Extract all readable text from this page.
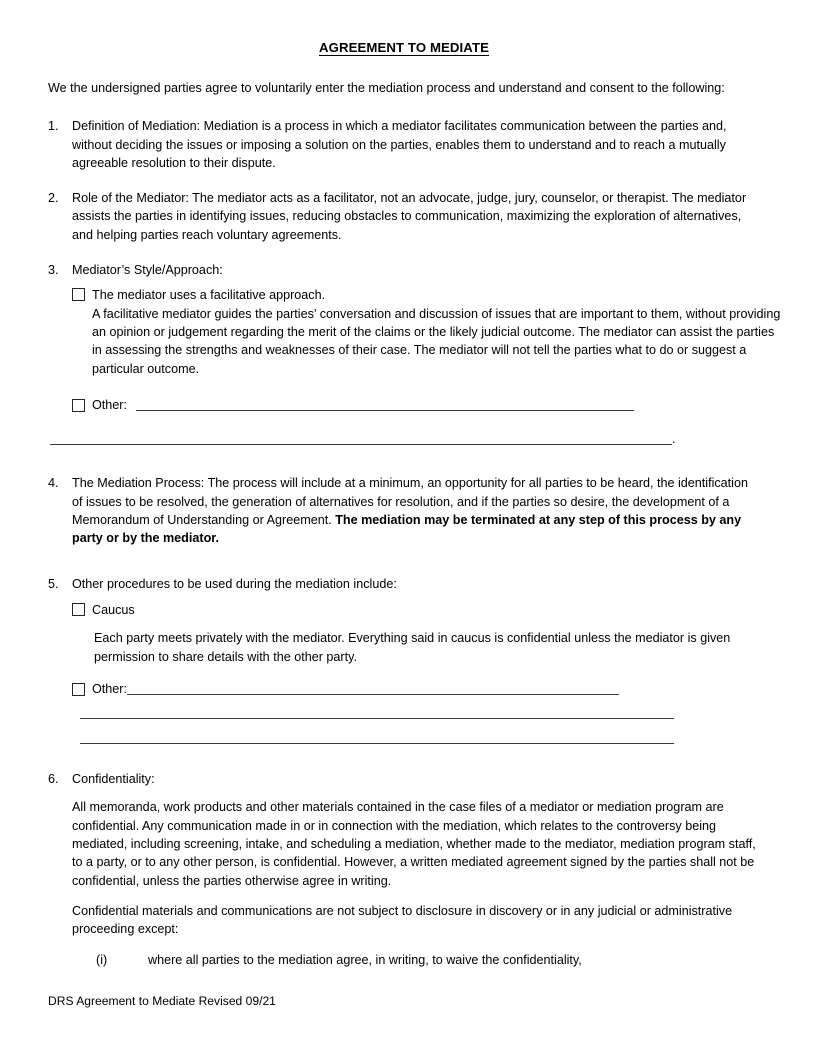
AGREEMENT TO MEDIATE

We the undersigned parties agree to voluntarily enter the mediation process and understand and consent to the following:

1.	Definition of Mediation: Mediation is a process in which a mediator facilitates communication between the parties and, without deciding the issues or imposing a solution on the parties, enables them to understand and to reach a mutually agreeable resolution to their dispute.
2.	Role of the Mediator: The mediator acts as a facilitator, not an advocate, judge, jury, counselor, or therapist. The mediator assists the parties in identifying issues, reducing obstacles to communication, maximizing the exploration of alternatives, and helping parties reach voluntary agreements.
3.	Mediator’s Style/Approach:
The mediator uses a facilitative approach.
A facilitative mediator guides the parties’ conversation and discussion of issues that are important to them, without providing an opinion or judgement regarding the merit of the claims or the likely judicial outcome. The mediator can assist the parties in assessing the strengths and weaknesses of their case. The mediator will not tell the parties what to do or suggest a particular outcome.
Other:
.
4.	The Mediation Process: The process will include at a minimum, an opportunity for all parties to be heard, the identification of issues to be resolved, the generation of alternatives for resolution, and if the parties so desire, the development of a Memorandum of Understanding or Agreement. The mediation may be terminated at any step of this process by any party or by the mediator.
5.	Other procedures to be used during the mediation include:
Caucus
Each party meets privately with the mediator. Everything said in caucus is confidential unless the mediator is given permission to share details with the other party.
Other:
6.	Confidentiality:
All memoranda, work products and other materials contained in the case files of a mediator or mediation program are confidential. Any communication made in or in connection with the mediation, which relates to the controversy being mediated, including screening, intake, and scheduling a mediation, whether made to the mediator, mediation program staff, to a party, or to any other person, is confidential. However, a written mediated agreement signed by the parties shall not be confidential, unless the parties otherwise agree in writing.
Confidential materials and communications are not subject to disclosure in discovery or in any judicial or administrative proceeding except:
(i)	where all parties to the mediation agree, in writing, to waive the confidentiality,
DRS Agreement to Mediate Revised 09/21
